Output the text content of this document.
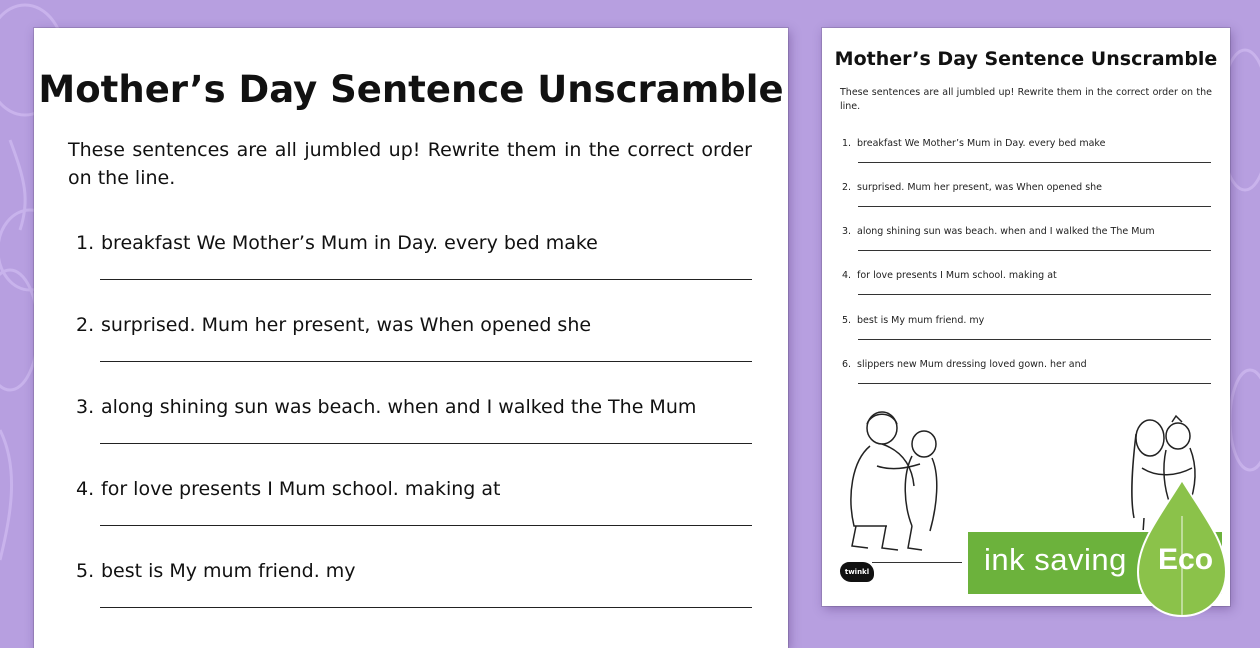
Mother’s Day Sentence Unscramble
These sentences are all jumbled up! Rewrite them in the correct order on the line.
1. breakfast We Mother’s Mum in Day. every bed make
2. surprised. Mum her present, was When opened she
3. along shining sun was beach. when and I walked the The Mum
4. for love presents I Mum school. making at
5. best is My mum friend. my
Mother’s Day Sentence Unscramble
These sentences are all jumbled up! Rewrite them in the correct order on the line.
1. breakfast We Mother’s Mum in Day. every bed make
2. surprised. Mum her present, was When opened she
3. along shining sun was beach. when and I walked the The Mum
4. for love presents I Mum school. making at
5. best is My mum friend. my
6. slippers new Mum dressing loved gown. her and
twinkl	ink saving Eco
